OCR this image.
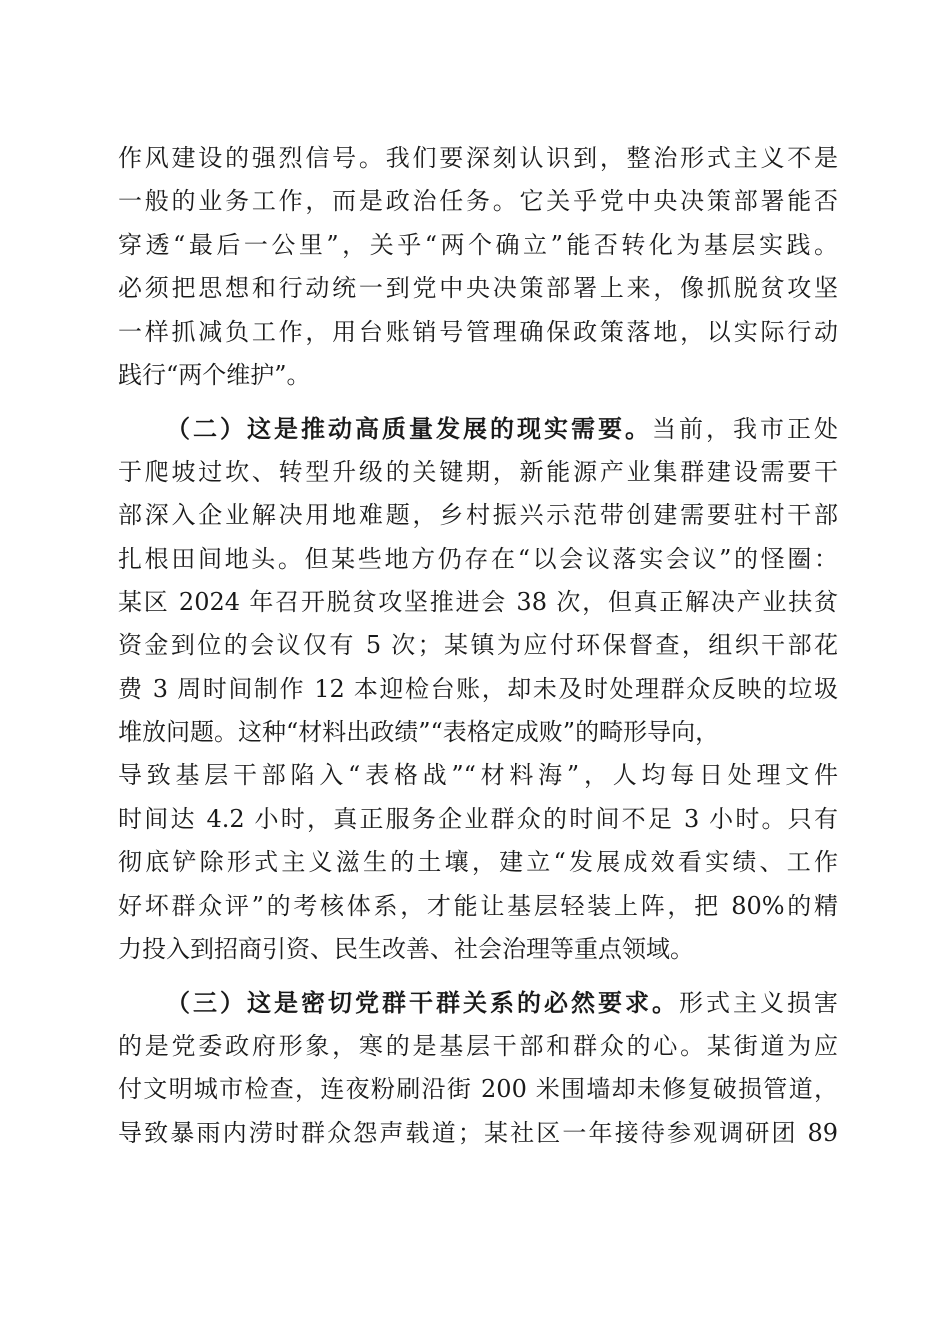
作风建设的强烈信号。我们要深刻认识到，整治形式主义不是
一般的业务工作，而是政治任务。它关乎党中央决策部署能否
穿透“最后一公里”，关乎“两个确立”能否转化为基层实践。
必须把思想和行动统一到党中央决策部署上来，像抓脱贫攻坚
一样抓减负工作，用台账销号管理确保政策落地，以实际行动
践行“两个维护”。
（二）这是推动高质量发展的现实需要。当前，我市正处
于爬坡过坎、转型升级的关键期，新能源产业集群建设需要干
部深入企业解决用地难题，乡村振兴示范带创建需要驻村干部
扎根田间地头。但某些地方仍存在“以会议落实会议”的怪圈：
某区 2024 年召开脱贫攻坚推进会 38 次，但真正解决产业扶贫
资金到位的会议仅有 5 次；某镇为应付环保督查，组织干部花
费 3 周时间制作 12 本迎检台账，却未及时处理群众反映的垃圾
堆放问题。这种“材料出政绩”“表格定成败”的畸形导向，
导致基层干部陷入“表格战”“材料海”，人均每日处理文件
时间达 4.2 小时，真正服务企业群众的时间不足 3 小时。只有
彻底铲除形式主义滋生的土壤，建立“发展成效看实绩、工作
好坏群众评”的考核体系，才能让基层轻装上阵，把 80%的精
力投入到招商引资、民生改善、社会治理等重点领域。
（三）这是密切党群干群关系的必然要求。形式主义损害
的是党委政府形象，寒的是基层干部和群众的心。某街道为应
付文明城市检查，连夜粉刷沿街 200 米围墙却未修复破损管道，
导致暴雨内涝时群众怨声载道；某社区一年接待参观调研团 89
